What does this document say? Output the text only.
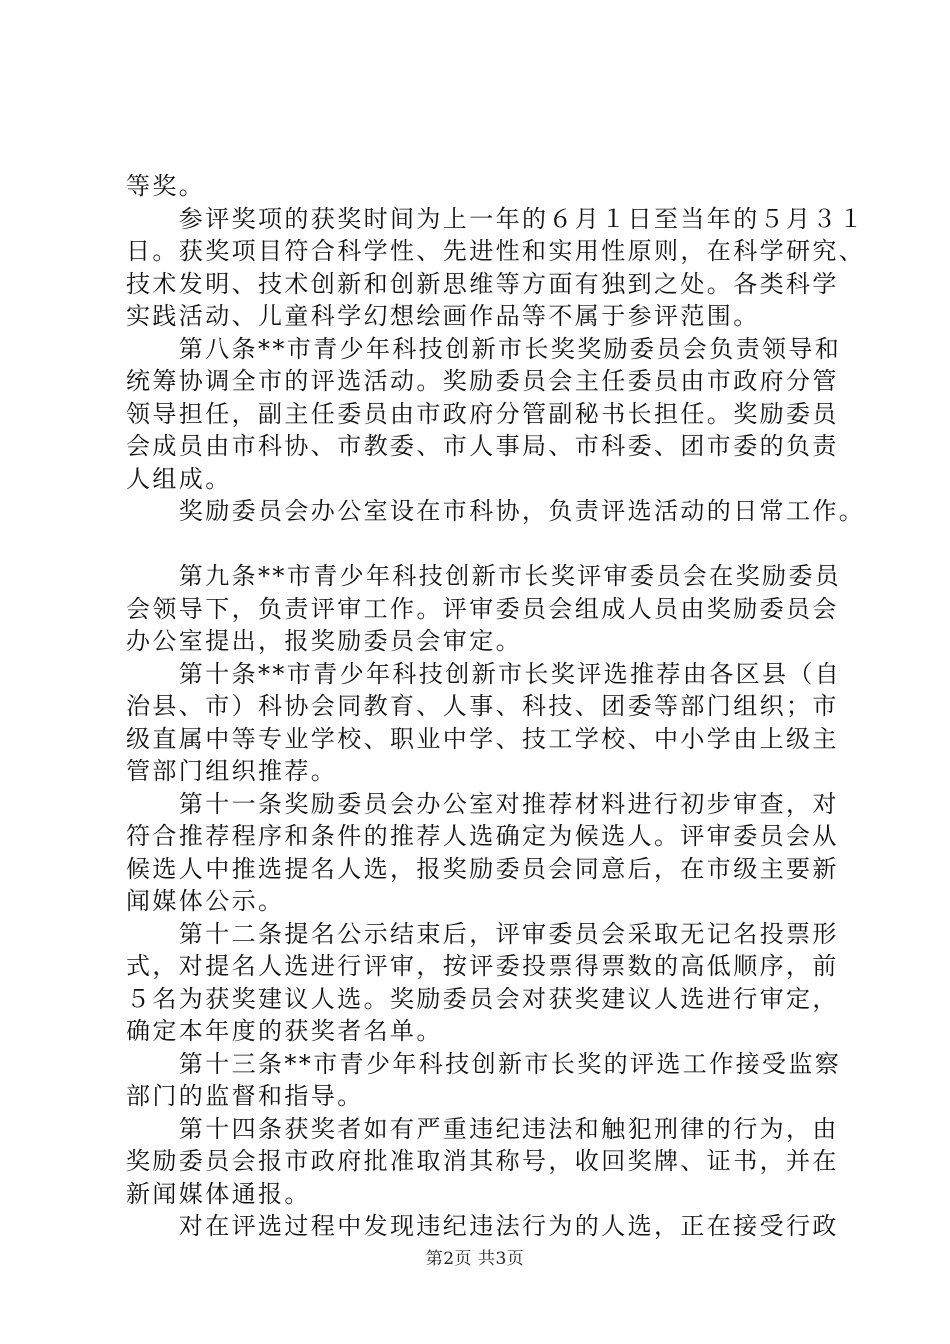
等奖。
　　参评奖项的获奖时间为上一年的６月１日至当年的５月３１
日。获奖项目符合科学性、先进性和实用性原则，在科学研究、
技术发明、技术创新和创新思维等方面有独到之处。各类科学
实践活动、儿童科学幻想绘画作品等不属于参评范围。
　　第八条**市青少年科技创新市长奖奖励委员会负责领导和
统筹协调全市的评选活动。奖励委员会主任委员由市政府分管
领导担任，副主任委员由市政府分管副秘书长担任。奖励委员
会成员由市科协、市教委、市人事局、市科委、团市委的负责
人组成。
　　奖励委员会办公室设在市科协，负责评选活动的日常工作。
　　第九条**市青少年科技创新市长奖评审委员会在奖励委员
会领导下，负责评审工作。评审委员会组成人员由奖励委员会
办公室提出，报奖励委员会审定。
　　第十条**市青少年科技创新市长奖评选推荐由各区县（自
治县、市）科协会同教育、人事、科技、团委等部门组织；市
级直属中等专业学校、职业中学、技工学校、中小学由上级主
管部门组织推荐。
　　第十一条奖励委员会办公室对推荐材料进行初步审查，对
符合推荐程序和条件的推荐人选确定为候选人。评审委员会从
候选人中推选提名人选，报奖励委员会同意后，在市级主要新
闻媒体公示。
　　第十二条提名公示结束后，评审委员会采取无记名投票形
式，对提名人选进行评审，按评委投票得票数的高低顺序，前
５名为获奖建议人选。奖励委员会对获奖建议人选进行审定，
确定本年度的获奖者名单。
　　第十三条**市青少年科技创新市长奖的评选工作接受监察
部门的监督和指导。
　　第十四条获奖者如有严重违纪违法和触犯刑律的行为，由
奖励委员会报市政府批准取消其称号，收回奖牌、证书，并在
新闻媒体通报。
　　对在评选过程中发现违纪违法行为的人选，正在接受行政
第2页 共3页
